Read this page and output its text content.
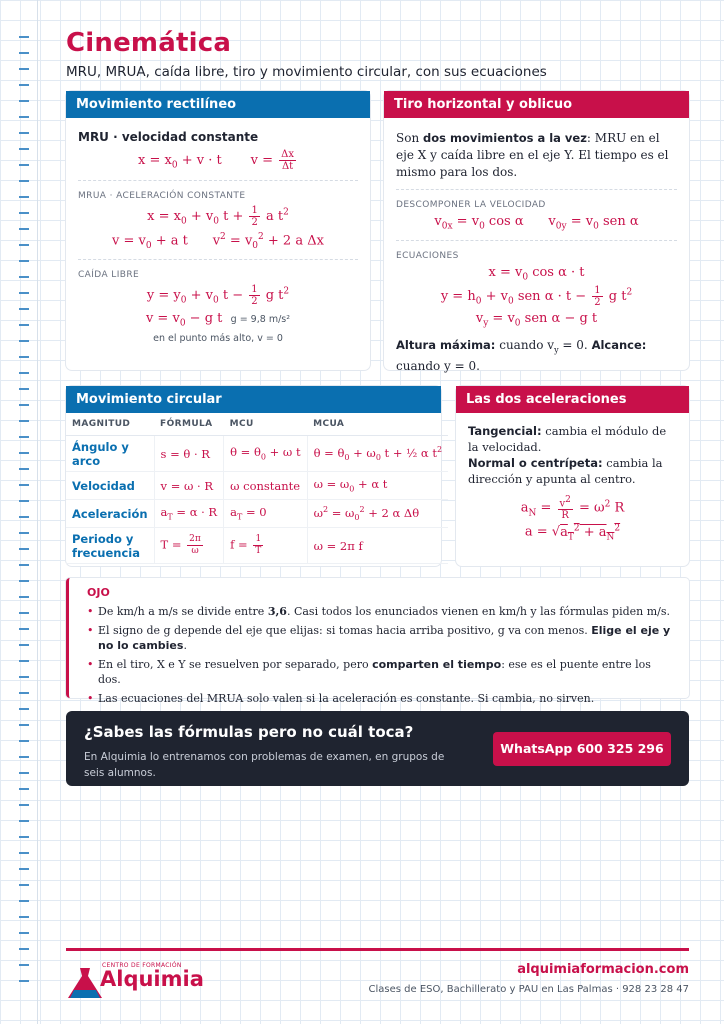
Cinemática
MRU, MRUA, caída libre, tiro y movimiento circular, con sus ecuaciones
Movimiento rectilíneo
MRU · velocidad constante
$x = x_0 + v \cdot t$       $v = \frac{\Delta x}{\Delta t}$
MRUA · ACELERACIÓN CONSTANTE
$x = x_0 + v_0$ $t + \frac{1}{2}$ a $t^2$
$v = v_0 + a$ t      $v^2 = v_0^2 + 2$ a Δx
CAÍDA LIBRE
$y = y_0 + v_0$ $t - \frac{1}{2}$ g $t^2$
$v = v_0 - g$ t  g = 9,8 m/s²
en el punto más alto, v = 0
Tiro horizontal y oblicuo
Son dos movimientos a la vez: MRU en el eje X y caída libre en el eje Y. El tiempo es el mismo para los dos.
DESCOMPONER LA VELOCIDAD
$v_{0x} = v_0$ cos α      $v_{0y} = v_0$ sen α
ECUACIONES
$x = v_0$ cos α · t
$y = h_0 + v_0$ sen $\alpha \cdot t - \frac{1}{2}$ g $t^2$
$v_y = v_0$ sen α − g t
Altura máxima: cuando $v_y = 0$. Alcance: cuando y = 0.
Movimiento circular
MAGNITUD	FÓRMULA	MCU	MCUA
Ángulo y arco	s = θ · R	$\theta = \theta_0 + \omega$ t	$\theta = \theta_0 + \omega_0$ t + ½ α $t^2$
Velocidad	v = ω · R	ω constante	$\omega = \omega_0 + \alpha$ t
Aceleración	$a_T = \alpha \cdot R$	$a_T = 0$	$\omega^2 = \omega_0^2 + 2$ α Δθ
Periodo y frecuencia	$T = \frac{2\pi}{\omega}$	$f = \frac{1}{T}$	ω = 2π f
Las dos aceleraciones
Tangencial: cambia el módulo de la velocidad.
Normal o centrípeta: cambia la dirección y apunta al centro.
$a_N = \frac{v^2}{R} = \omega^2$ R
$a = √a_T^2 + a_N^2$
OJO
• De km/h a m/s se divide entre 3,6. Casi todos los enunciados vienen en km/h y las fórmulas piden m/s.
• El signo de g depende del eje que elijas: si tomas hacia arriba positivo, g va con menos. Elige el eje y no lo cambies.
• En el tiro, X e Y se resuelven por separado, pero comparten el tiempo: ese es el puente entre los dos.
• Las ecuaciones del MRUA solo valen si la aceleración es constante. Si cambia, no sirven.
¿Sabes las fórmulas pero no cuál toca?
En Alquimia lo entrenamos con problemas de examen, en grupos de seis alumnos.
WhatsApp 600 325 296
CENTRO DE FORMACIÓN
Alquimia	alquimiaformacion.com
Clases de ESO, Bachillerato y PAU en Las Palmas · 928 23 28 47
